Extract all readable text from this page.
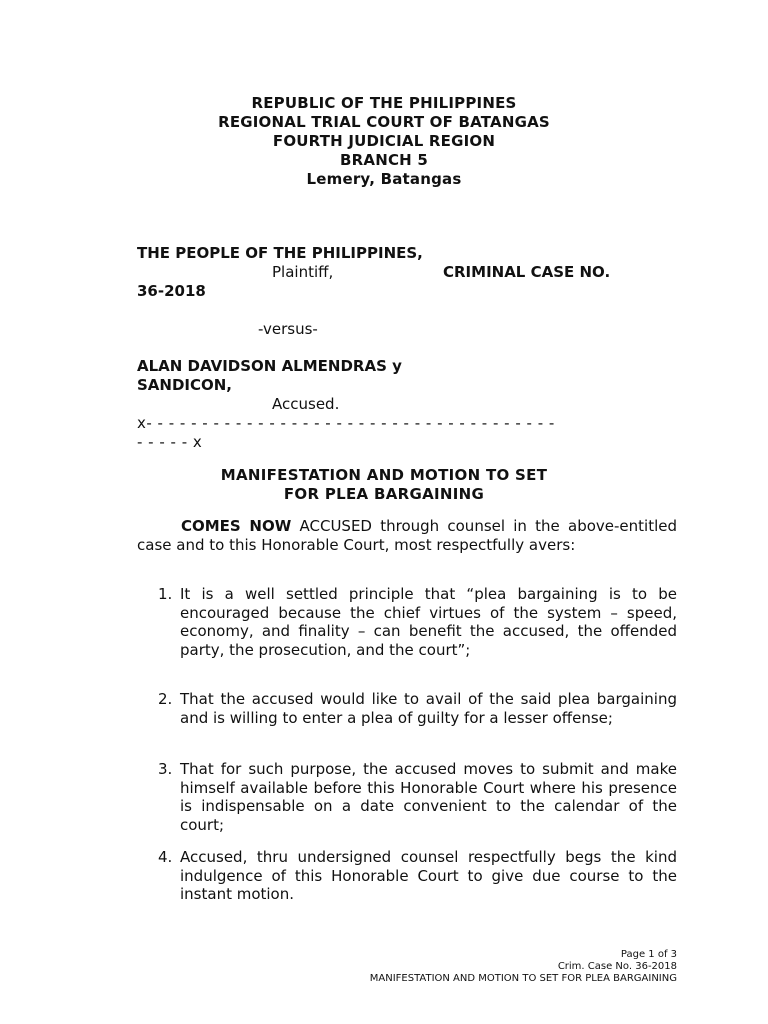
REPUBLIC OF THE PHILIPPINES
REGIONAL TRIAL COURT OF BATANGAS
FOURTH JUDICIAL REGION
BRANCH 5
Lemery, Batangas
THE PEOPLE OF THE PHILIPPINES,
Plaintiff,	CRIMINAL CASE NO.
36-2018
-versus-
ALAN DAVIDSON ALMENDRAS y
SANDICON,
Accused.
x- - - - - - - - - - - - - - - - - - - - - - - - - - - - - - - - - - - - -
- - - - - x
MANIFESTATION AND MOTION TO SET
FOR PLEA BARGAINING
COMES NOW ACCUSED through counsel in the above-entitled case and to this Honorable Court, most respectfully avers:
1. It is a well settled principle that “plea bargaining is to be encouraged because the chief virtues of the system – speed, economy, and finality – can benefit the accused, the offended party, the prosecution, and the court”;
2. That the accused would like to avail of the said plea bargaining and is willing to enter a plea of guilty for a lesser offense;
3. That for such purpose, the accused moves to submit and make himself available before this Honorable Court where his presence is indispensable on a date convenient to the calendar of the court;
4. Accused, thru undersigned counsel respectfully begs the kind indulgence of this Honorable Court to give due course to the instant motion.
Page 1 of 3
Crim. Case No. 36-2018
MANIFESTATION AND MOTION TO SET FOR PLEA BARGAINING
